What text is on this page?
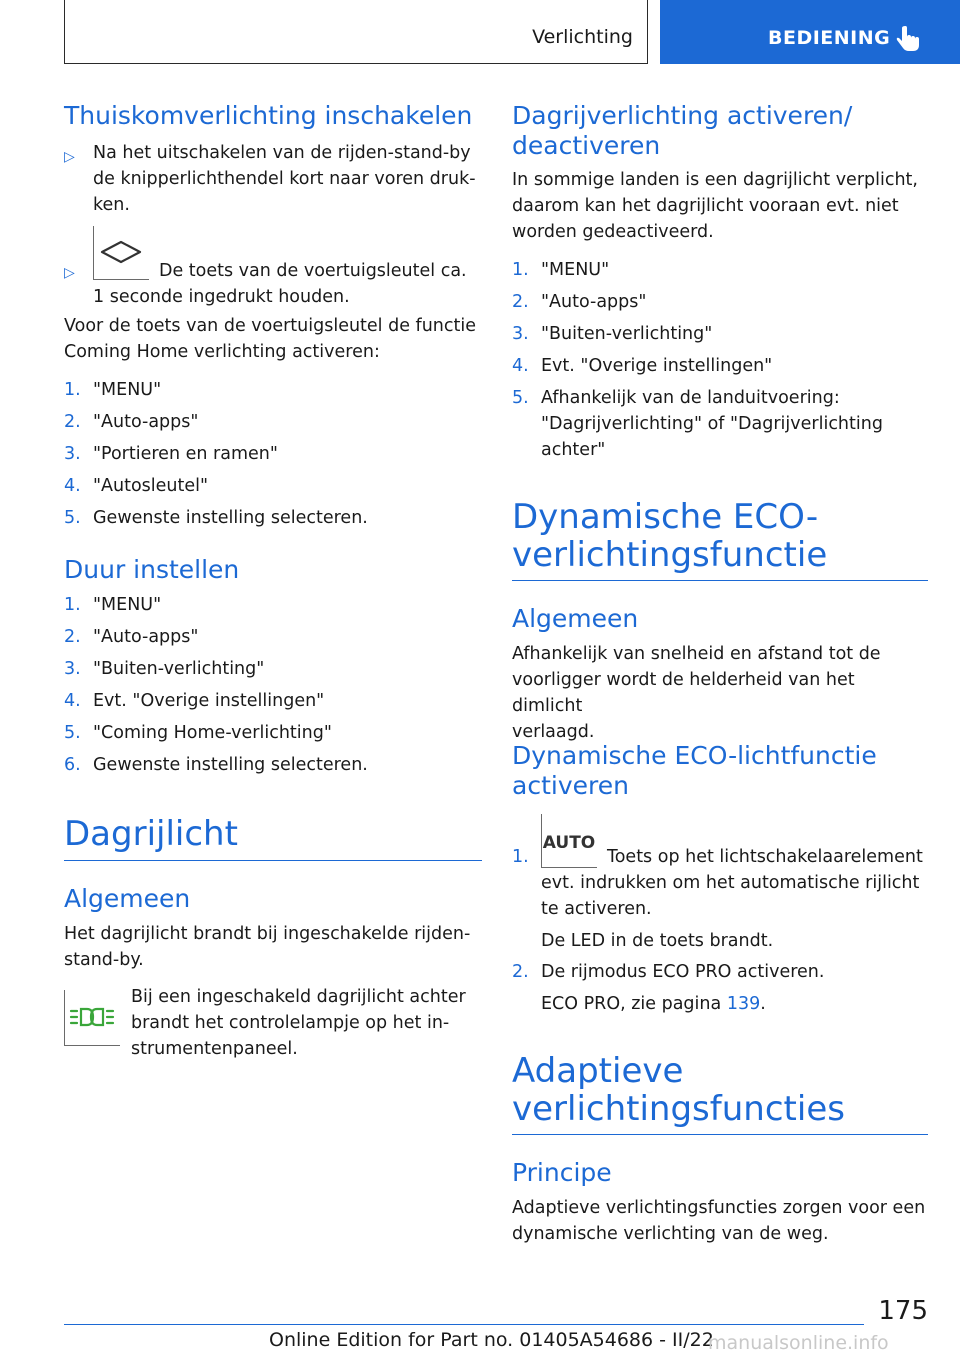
Verlichting	BEDIENING
Thuiskomverlichting inschakelen
▷ Na het uitschakelen van de rijden-stand-by
de knipperlichthendel kort naar voren druk-
ken.
▷	De toets van de voertuigsleutel ca.
1 seconde ingedrukt houden.
Voor de toets van de voertuigsleutel de functie
Coming Home verlichting activeren:
1. "MENU"
2. "Auto-apps"
3. "Portieren en ramen"
4. "Autosleutel"
5. Gewenste instelling selecteren.
Duur instellen
1. "MENU"
2. "Auto-apps"
3. "Buiten-verlichting"
4. Evt. "Overige instellingen"
5. "Coming Home-verlichting"
6. Gewenste instelling selecteren.
Dagrijlicht
Algemeen
Het dagrijlicht brandt bij ingeschakelde rijden-
stand-by.
Bij een ingeschakeld dagrijlicht achter
brandt het controlelampje op het in-
strumentenpaneel.
Dagrijverlichting activeren/
deactiveren
In sommige landen is een dagrijlicht verplicht,
daarom kan het dagrijlicht vooraan evt. niet
worden gedeactiveerd.
1. "MENU"
2. "Auto-apps"
3. "Buiten-verlichting"
4. Evt. "Overige instellingen"
5. Afhankelijk van de landuitvoering:
"Dagrijverlichting" of "Dagrijverlichting
achter"
Dynamische ECO-
verlichtingsfunctie
Algemeen
Afhankelijk van snelheid en afstand tot de
voorligger wordt de helderheid van het dimlicht
verlaagd.
Dynamische ECO-lichtfunctie
activeren
1.
AUTO
Toets op het lichtschakelaarelement
evt. indrukken om het automatische rijlicht
te activeren.
De LED in de toets brandt.
2. De rijmodus ECO PRO activeren.
ECO PRO, zie pagina 139.
Adaptieve
verlichtingsfuncties
Principe
Adaptieve verlichtingsfuncties zorgen voor een
dynamische verlichting van de weg.
175
Online Edition for Part no. 01405A54686 - II/22
manualsonline.info
